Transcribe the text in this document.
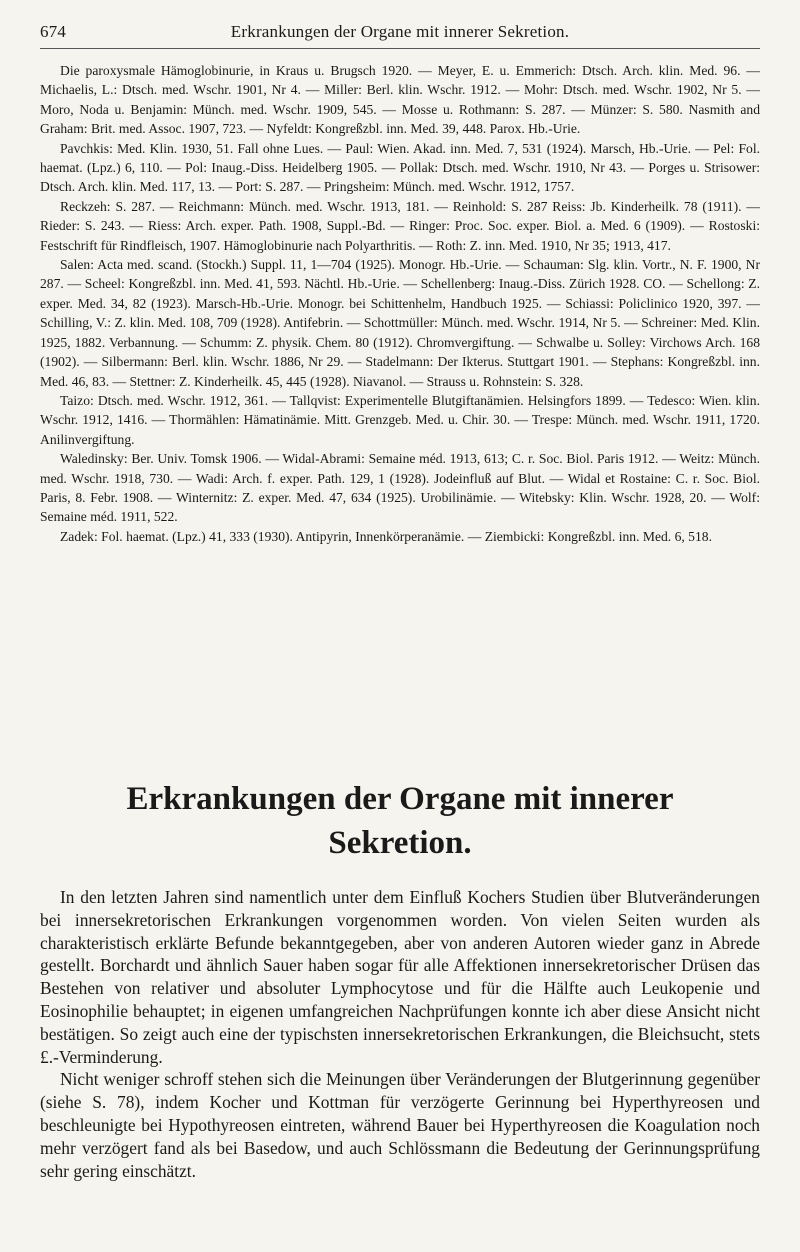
674	Erkrankungen der Organe mit innerer Sekretion.

Die paroxysmale Hämoglobinurie, in Kraus u. Brugsch 1920. — Meyer, E. u. Emmerich: Dtsch. Arch. klin. Med. 96. — Michaelis, L.: Dtsch. med. Wschr. 1901, Nr 4. — Miller: Berl. klin. Wschr. 1912. — Mohr: Dtsch. med. Wschr. 1902, Nr 5. — Moro, Noda u. Benjamin: Münch. med. Wschr. 1909, 545. — Mosse u. Rothmann: S. 287. — Münzer: S. 580. Nasmith and Graham: Brit. med. Assoc. 1907, 723. — Nyfeldt: Kongreßzbl. inn. Med. 39, 448. Parox. Hb.-Urie.

Pavchkis: Med. Klin. 1930, 51. Fall ohne Lues. — Paul: Wien. Akad. inn. Med. 7, 531 (1924). Marsch, Hb.-Urie. — Pel: Fol. haemat. (Lpz.) 6, 110. — Pol: Inaug.-Diss. Heidelberg 1905. — Pollak: Dtsch. med. Wschr. 1910, Nr 43. — Porges u. Strisower: Dtsch. Arch. klin. Med. 117, 13. — Port: S. 287. — Pringsheim: Münch. med. Wschr. 1912, 1757.

Reckzeh: S. 287. — Reichmann: Münch. med. Wschr. 1913, 181. — Reinhold: S. 287 Reiss: Jb. Kinderheilk. 78 (1911). — Rieder: S. 243. — Riess: Arch. exper. Path. 1908, Suppl.-Bd. — Ringer: Proc. Soc. exper. Biol. a. Med. 6 (1909). — Rostoski: Festschrift für Rindfleisch, 1907. Hämoglobinurie nach Polyarthritis. — Roth: Z. inn. Med. 1910, Nr 35; 1913, 417.

Salen: Acta med. scand. (Stockh.) Suppl. 11, 1—704 (1925). Monogr. Hb.-Urie. — Schauman: Slg. klin. Vortr., N. F. 1900, Nr 287. — Scheel: Kongreßzbl. inn. Med. 41, 593. Nächtl. Hb.-Urie. — Schellenberg: Inaug.-Diss. Zürich 1928. CO. — Schellong: Z. exper. Med. 34, 82 (1923). Marsch-Hb.-Urie. Monogr. bei Schittenhelm, Handbuch 1925. — Schiassi: Policlinico 1920, 397. — Schilling, V.: Z. klin. Med. 108, 709 (1928). Antifebrin. — Schottmüller: Münch. med. Wschr. 1914, Nr 5. — Schreiner: Med. Klin. 1925, 1882. Verbannung. — Schumm: Z. physik. Chem. 80 (1912). Chromvergiftung. — Schwalbe u. Solley: Virchows Arch. 168 (1902). — Silbermann: Berl. klin. Wschr. 1886, Nr 29. — Stadelmann: Der Ikterus. Stuttgart 1901. — Stephans: Kongreßzbl. inn. Med. 46, 83. — Stettner: Z. Kinderheilk. 45, 445 (1928). Niavanol. — Strauss u. Rohnstein: S. 328.

Taizo: Dtsch. med. Wschr. 1912, 361. — Tallqvist: Experimentelle Blutgiftanämien. Helsingfors 1899. — Tedesco: Wien. klin. Wschr. 1912, 1416. — Thormählen: Hämatinämie. Mitt. Grenzgeb. Med. u. Chir. 30. — Trespe: Münch. med. Wschr. 1911, 1720. Anilinvergiftung.

Waledinsky: Ber. Univ. Tomsk 1906. — Widal-Abrami: Semaine méd. 1913, 613; C. r. Soc. Biol. Paris 1912. — Weitz: Münch. med. Wschr. 1918, 730. — Wadi: Arch. f. exper. Path. 129, 1 (1928). Jodeinfluß auf Blut. — Widal et Rostaine: C. r. Soc. Biol. Paris, 8. Febr. 1908. — Winternitz: Z. exper. Med. 47, 634 (1925). Urobilinämie. — Witebsky: Klin. Wschr. 1928, 20. — Wolf: Semaine méd. 1911, 522.

Zadek: Fol. haemat. (Lpz.) 41, 333 (1930). Antipyrin, Innenkörperanämie. — Ziembicki: Kongreßzbl. inn. Med. 6, 518.

Erkrankungen der Organe mit innerer
Sekretion.

In den letzten Jahren sind namentlich unter dem Einfluß Kochers Studien über Blutveränderungen bei innersekretorischen Erkrankungen vorgenommen worden. Von vielen Seiten wurden als charakteristisch erklärte Befunde bekanntgegeben, aber von anderen Autoren wieder ganz in Abrede gestellt. Borchardt und ähnlich Sauer haben sogar für alle Affektionen innersekretorischer Drüsen das Bestehen von relativer und absoluter Lymphocytose und für die Hälfte auch Leukopenie und Eosinophilie behauptet; in eigenen umfangreichen Nachprüfungen konnte ich aber diese Ansicht nicht bestätigen. So zeigt auch eine der typischsten innersekretorischen Erkrankungen, die Bleichsucht, stets £.-Verminderung.

Nicht weniger schroff stehen sich die Meinungen über Veränderungen der Blutgerinnung gegenüber (siehe S. 78), indem Kocher und Kottman für verzögerte Gerinnung bei Hyperthyreosen und beschleunigte bei Hypothyreosen eintreten, während Bauer bei Hyperthyreosen die Koagulation noch mehr verzögert fand als bei Basedow, und auch Schlössmann die Bedeutung der Gerinnungsprüfung sehr gering einschätzt.
